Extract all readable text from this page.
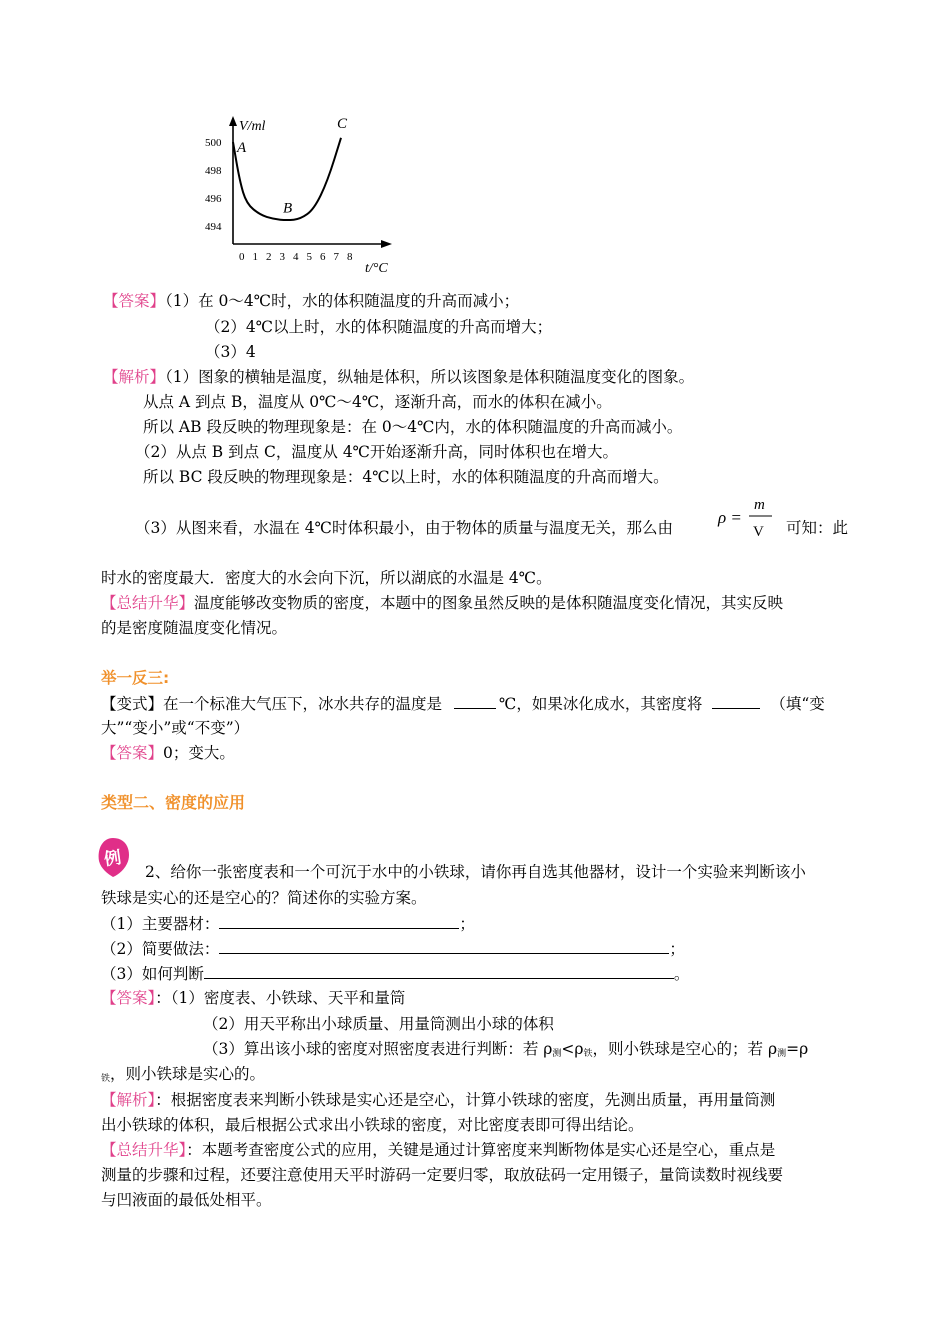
V/ml
t/°C
500
498
496
494
0 1 2 3 4 5 6 7 8
A
B
C
【答案】（1）在 0～4℃时，水的体积随温度的升高而减小；
（2）4℃以上时，水的体积随温度的升高而增大；
（3）4
【解析】（1）图象的横轴是温度，纵轴是体积，所以该图象是体积随温度变化的图象。
从点 A 到点 B，温度从 0℃～4℃，逐渐升高，而水的体积在减小。
所以 AB 段反映的物理现象是：在 0～4℃内，水的体积随温度的升高而减小。
（2）从点 B 到点 C，温度从 4℃开始逐渐升高，同时体积也在增大。
所以 BC 段反映的物理现象是：4℃以上时，水的体积随温度的升高而增大。
（3）从图来看，水温在 4℃时体积最小，由于物体的质量与温度无关，那么由
ρ =
m
V 可知：此
时水的密度最大．密度大的水会向下沉，所以湖底的水温是 4℃。
【总结升华】温度能够改变物质的密度，本题中的图象虽然反映的是体积随温度变化情况，其实反映
的是密度随温度变化情况。
举一反三:
【变式】在一个标准大气压下，冰水共存的温度是	℃，如果冰化成水，其密度将	（填“变
大”“变小”或“不变”）
【答案】0；变大。
类型二、密度的应用
例
2、给你一张密度表和一个可沉于水中的小铁球，请你再自选其他器材，设计一个实验来判断该小
铁球是实心的还是空心的？简述你的实验方案。
（1）主要器材：	；
（2）简要做法：	；
（3）如何判断	。
【答案】：（1）密度表、小铁球、天平和量筒
（2）用天平称出小球质量、用量筒测出小球的体积
（3）算出该小球的密度对照密度表进行判断：若 $\rho_测<\rho_铁$，则小铁球是空心的；若 $\rho_测=\rho$
$_铁$，则小铁球是实心的。
【解析】：根据密度表来判断小铁球是实心还是空心，计算小铁球的密度，先测出质量，再用量筒测
出小铁球的体积，最后根据公式求出小铁球的密度，对比密度表即可得出结论。
【总结升华】：本题考查密度公式的应用，关键是通过计算密度来判断物体是实心还是空心，重点是
测量的步骤和过程，还要注意使用天平时游码一定要归零，取放砝码一定用镊子，量筒读数时视线要
与凹液面的最低处相平。
